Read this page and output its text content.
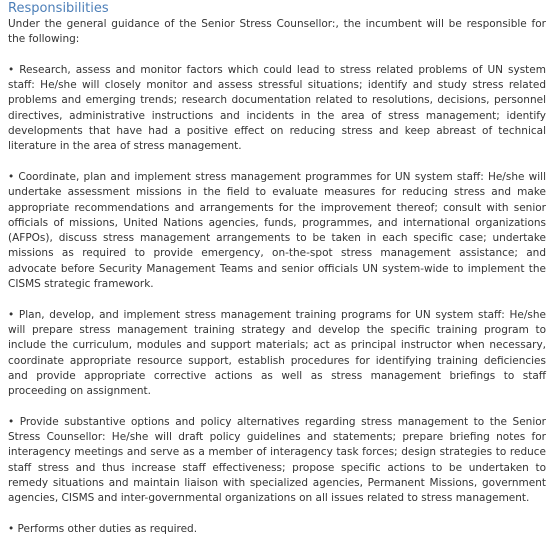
Responsibilities

Under the general guidance of the Senior Stress Counsellor:, the incumbent will be responsible for the following:

• Research, assess and monitor factors which could lead to stress related problems of UN system staff: He/she will closely monitor and assess stressful situations; identify and study stress related problems and emerging trends; research documentation related to resolutions, decisions, personnel directives, administrative instructions and incidents in the area of stress management; identify developments that have had a positive effect on reducing stress and keep abreast of technical literature in the area of stress management.

• Coordinate, plan and implement stress management programmes for UN system staff: He/she will undertake assessment missions in the field to evaluate measures for reducing stress and make appropriate recommendations and arrangements for the improvement thereof; consult with senior officials of missions, United Nations agencies, funds, programmes, and international organizations (AFPOs), discuss stress management arrangements to be taken in each specific case; undertake missions as required to provide emergency, on-the-spot stress management assistance; and advocate before Security Management Teams and senior officials UN system-wide to implement the CISMS strategic framework.

• Plan, develop, and implement stress management training programs for UN system staff: He/she will prepare stress management training strategy and develop the specific training program to include the curriculum, modules and support materials; act as principal instructor when necessary, coordinate appropriate resource support, establish procedures for identifying training deficiencies and provide appropriate corrective actions as well as stress management briefings to staff proceeding on assignment.

• Provide substantive options and policy alternatives regarding stress management to the Senior Stress Counsellor: He/she will draft policy guidelines and statements; prepare briefing notes for interagency meetings and serve as a member of interagency task forces; design strategies to reduce staff stress and thus increase staff effectiveness; propose specific actions to be undertaken to remedy situations and maintain liaison with specialized agencies, Permanent Missions, government agencies, CISMS and inter-governmental organizations on all issues related to stress management.

• Performs other duties as required.
